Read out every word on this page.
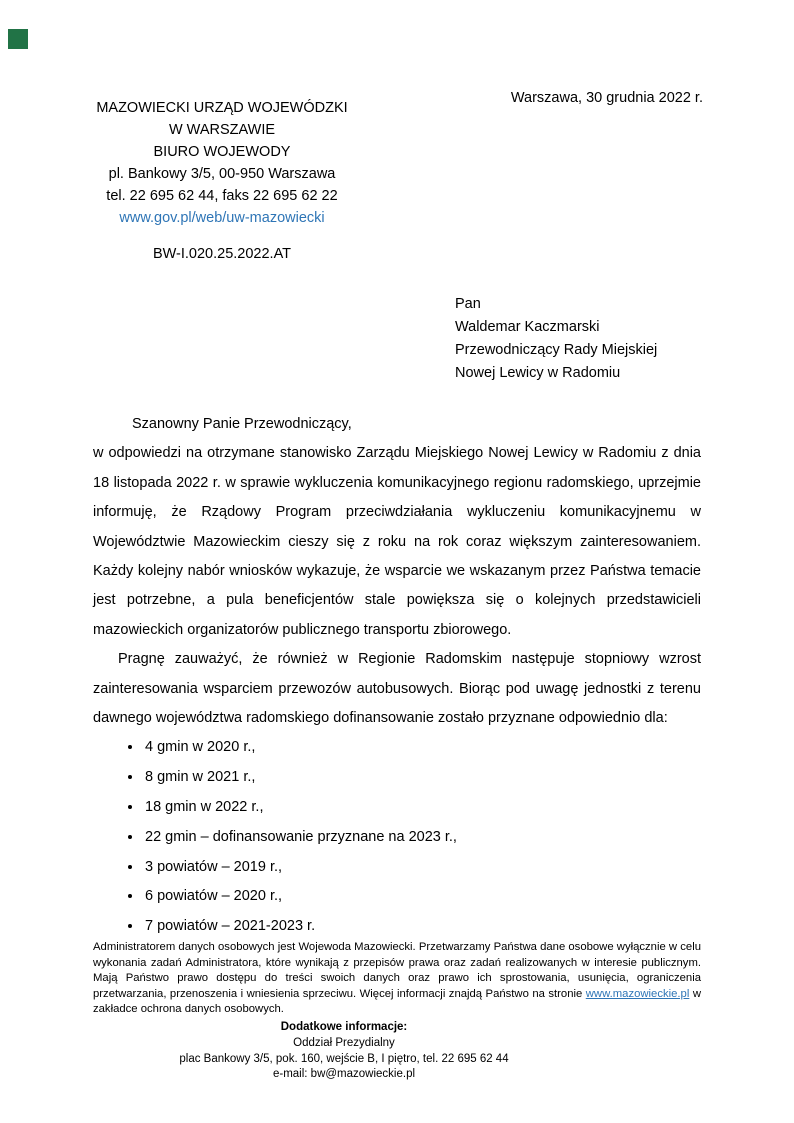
Warszawa, 30 grudnia 2022 r.
MAZOWIECKI URZĄD WOJEWÓDZKI
W WARSZAWIE
BIURO WOJEWODY
pl. Bankowy 3/5, 00-950 Warszawa
tel. 22 695 62 44, faks 22 695 62 22
www.gov.pl/web/uw-mazowiecki
BW-I.020.25.2022.AT
Pan
Waldemar Kaczmarski
Przewodniczący Rady Miejskiej
Nowej Lewicy w Radomiu

Szanowny Panie Przewodniczący,

w odpowiedzi na otrzymane stanowisko Zarządu Miejskiego Nowej Lewicy w Radomiu z dnia 18 listopada 2022 r. w sprawie wykluczenia komunikacyjnego regionu radomskiego, uprzejmie informuję, że Rządowy Program przeciwdziałania wykluczeniu komunikacyjnemu w Województwie Mazowieckim cieszy się z roku na rok coraz większym zainteresowaniem. Każdy kolejny nabór wniosków wykazuje, że wsparcie we wskazanym przez Państwa temacie jest potrzebne, a pula beneficjentów stale powiększa się o kolejnych przedstawicieli mazowieckich organizatorów publicznego transportu zbiorowego.

Pragnę zauważyć, że również w Regionie Radomskim następuje stopniowy wzrost zainteresowania wsparciem przewozów autobusowych. Biorąc pod uwagę jednostki z terenu dawnego województwa radomskiego dofinansowanie zostało przyznane odpowiednio dla:

• 4 gmin w 2020 r.,
• 8 gmin w 2021 r.,
• 18 gmin w 2022 r.,
• 22 gmin – dofinansowanie przyznane na 2023 r.,
• 3 powiatów – 2019 r.,
• 6 powiatów – 2020 r.,
• 7 powiatów – 2021-2023 r.
Administratorem danych osobowych jest Wojewoda Mazowiecki. Przetwarzamy Państwa dane osobowe wyłącznie w celu wykonania zadań Administratora, które wynikają z przepisów prawa oraz zadań realizowanych w interesie publicznym. Mają Państwo prawo dostępu do treści swoich danych oraz prawo ich sprostowania, usunięcia, ograniczenia przetwarzania, przenoszenia i wniesienia sprzeciwu. Więcej informacji znajdą Państwo na stronie www.mazowieckie.pl w zakładce ochrona danych osobowych.
Dodatkowe informacje:
Oddział Prezydialny
plac Bankowy 3/5, pok. 160, wejście B, I piętro, tel. 22 695 62 44
e-mail: bw@mazowieckie.pl
